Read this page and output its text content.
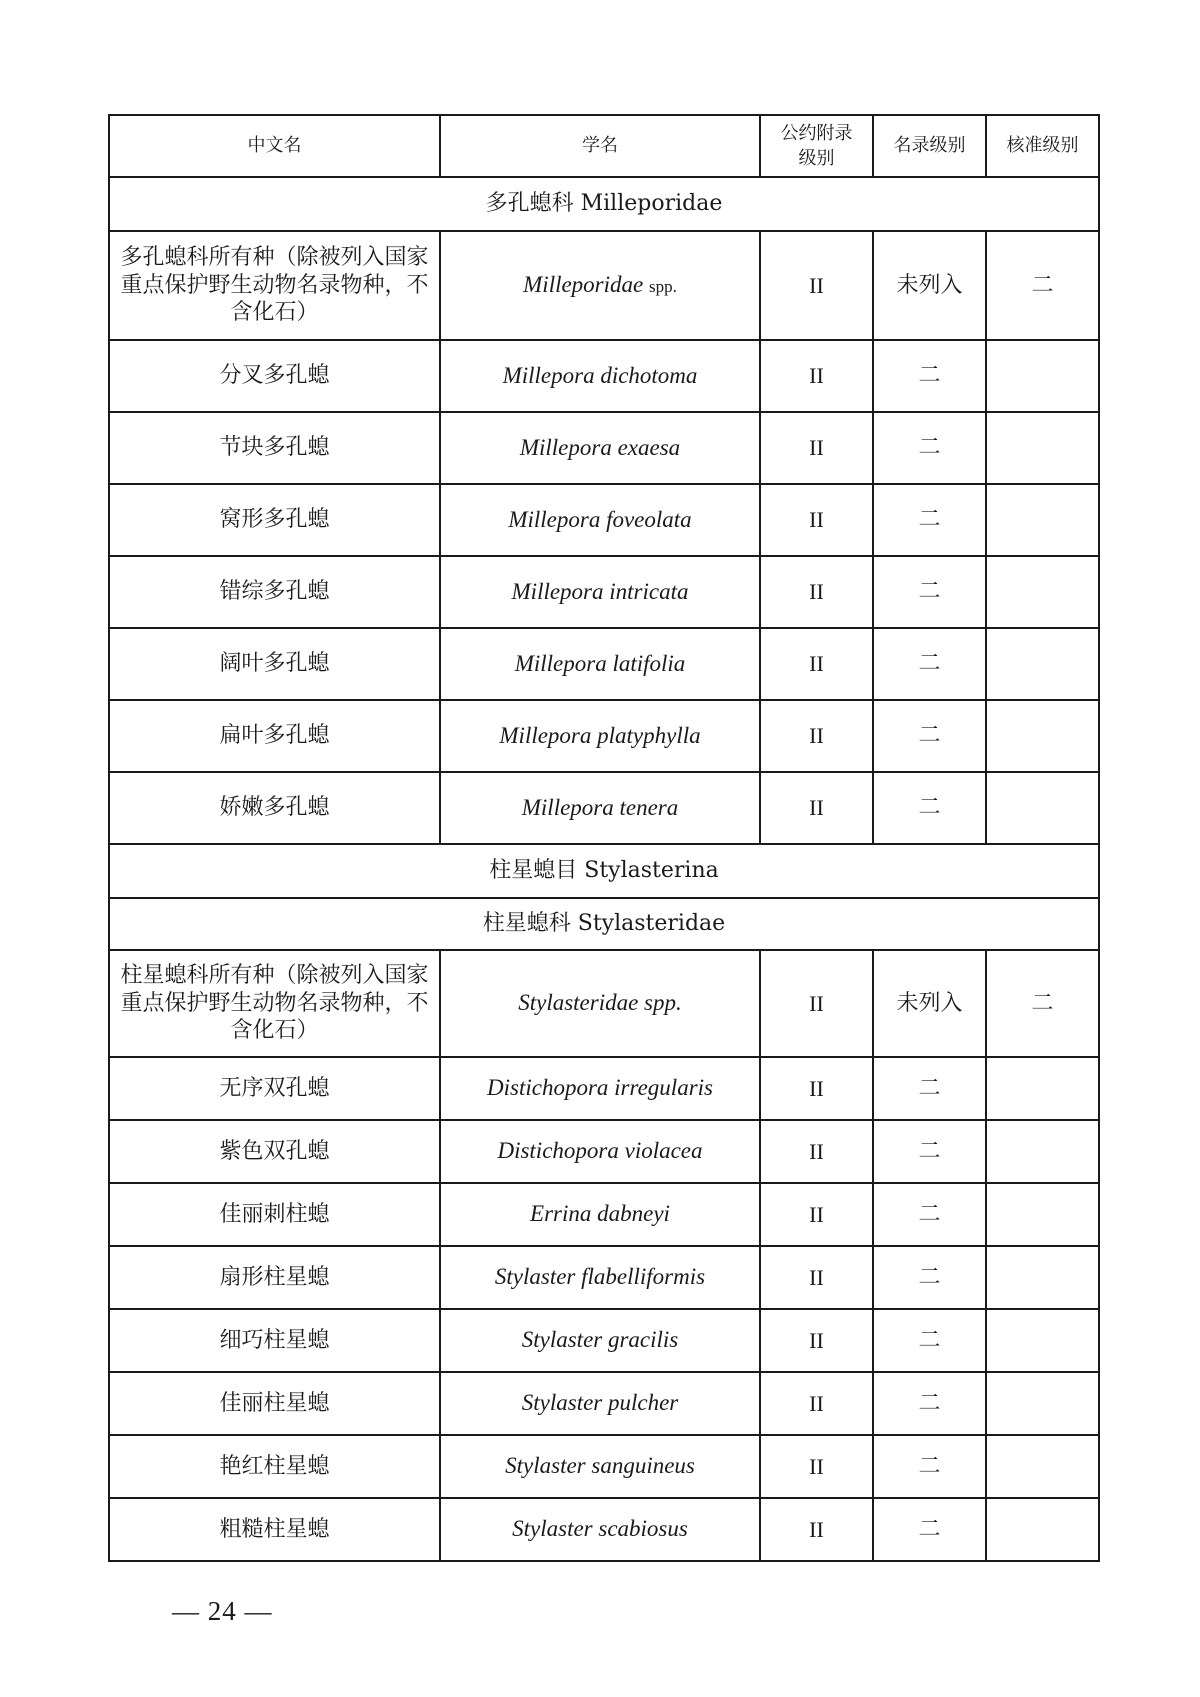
中文名	学名	公约附录级别	名录级别	核准级别
多孔螅科 Milleporidae				
多孔螅科所有种（除被列入国家重点保护野生动物名录物种，不含化石）	Milleporidae spp.	II	未列入	二
分叉多孔螅	Millepora dichotoma	II	二	
节块多孔螅	Millepora exaesa	II	二	
窝形多孔螅	Millepora foveolata	II	二	
错综多孔螅	Millepora intricata	II	二	
阔叶多孔螅	Millepora latifolia	II	二	
扁叶多孔螅	Millepora platyphylla	II	二	
娇嫩多孔螅	Millepora tenera	II	二	
柱星螅目 Stylasterina				
柱星螅科 Stylasteridae				
柱星螅科所有种（除被列入国家重点保护野生动物名录物种，不含化石）	Stylasteridae spp.	II	未列入	二
无序双孔螅	Distichopora irregularis	II	二	
紫色双孔螅	Distichopora violacea	II	二	
佳丽刺柱螅	Errina dabneyi	II	二	
扇形柱星螅	Stylaster flabelliformis	II	二	
细巧柱星螅	Stylaster gracilis	II	二	
佳丽柱星螅	Stylaster pulcher	II	二	
艳红柱星螅	Stylaster sanguineus	II	二	
粗糙柱星螅	Stylaster scabiosus	II	二	
— 24 —
